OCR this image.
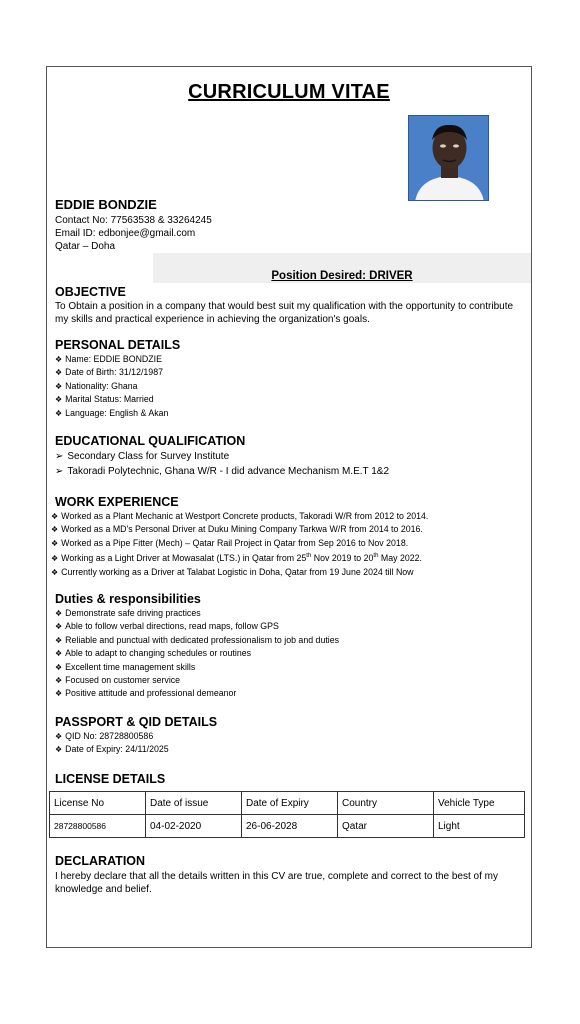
CURRICULUM VITAE
EDDIE BONDZIE
Contact No: 77563538 & 33264245
Email ID: edbonjee@gmail.com
Qatar – Doha
Position Desired: DRIVER
OBJECTIVE
To Obtain a position in a company that would best suit my qualification with the opportunity to contribute my skills and practical experience in achieving the organization's goals.
PERSONAL DETAILS
❖ Name: EDDIE BONDZIE
❖ Date of Birth: 31/12/1987
❖ Nationality: Ghana
❖ Marital Status: Married
❖ Language: English & Akan
EDUCATIONAL QUALIFICATION
➢ Secondary Class for Survey Institute
➢ Takoradi Polytechnic, Ghana W/R - I did advance Mechanism M.E.T 1&2
WORK EXPERIENCE
❖ Worked as a Plant Mechanic at Westport Concrete products, Takoradi W/R from 2012 to 2014.
❖ Worked as a MD's Personal Driver at Duku Mining Company Tarkwa W/R from 2014 to 2016.
❖ Worked as a Pipe Fitter (Mech) – Qatar Rail Project in Qatar from Sep 2016 to Nov 2018.
❖ Working as a Light Driver at Mowasalat (LTS.) in Qatar from 25th Nov 2019 to 20th May 2022.
❖ Currently working as a Driver at Talabat Logistic in Doha, Qatar from 19 June 2024 till Now
Duties & responsibilities
❖ Demonstrate safe driving practices
❖ Able to follow verbal directions, read maps, follow GPS
❖ Reliable and punctual with dedicated professionalism to job and duties
❖ Able to adapt to changing schedules or routines
❖ Excellent time management skills
❖ Focused on customer service
❖ Positive attitude and professional demeanor
PASSPORT & QID DETAILS
❖ QID No: 28728800586
❖ Date of Expiry: 24/11/2025
LICENSE DETAILS
License No	Date of issue	Date of Expiry	Country	Vehicle Type
28728800586	04-02-2020	26-06-2028	Qatar	Light
DECLARATION
I hereby declare that all the details written in this CV are true, complete and correct to the best of my knowledge and belief.
